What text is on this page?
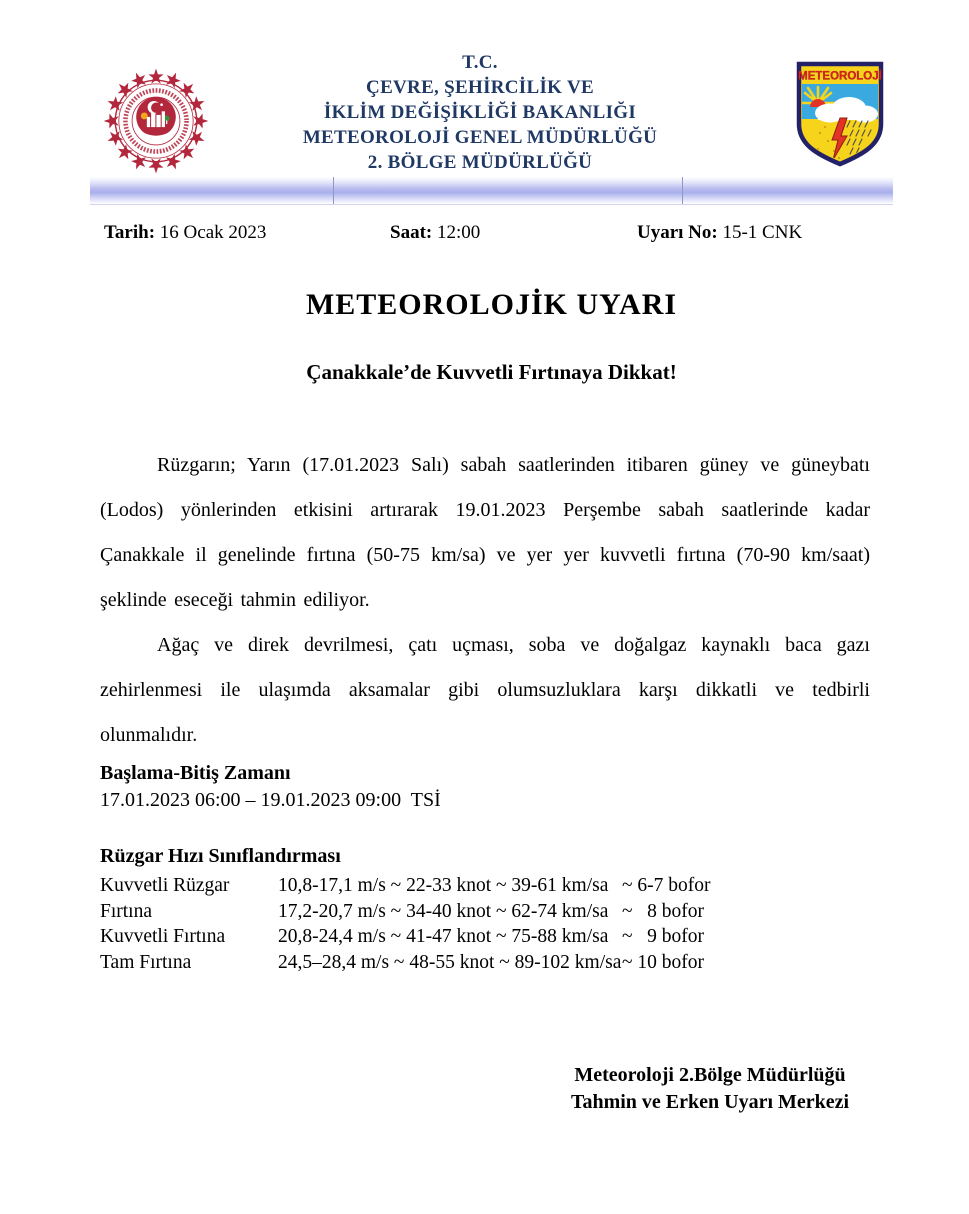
T.C.
ÇEVRE, ŞEHİRCİLİK VE
İKLİM DEĞİŞİKLİĞİ BAKANLIĞI
METEOROLOJİ GENEL MÜDÜRLÜĞÜ
2. BÖLGE MÜDÜRLÜĞÜ
METEOROLOJİ
Tarih: 16 Ocak 2023	Saat: 12:00	Uyarı No: 15-1 CNK
METEOROLOJİK UYARI
Çanakkale’de Kuvvetli Fırtınaya Dikkat!

Rüzgarın; Yarın (17.01.2023 Salı) sabah saatlerinden itibaren güney ve güneybatı (Lodos) yönlerinden etkisini artırarak 19.01.2023 Perşembe sabah saatlerinde kadar Çanakkale il genelinde fırtına (50-75 km/sa) ve yer yer kuvvetli fırtına (70-90 km/saat) şeklinde eseceği tahmin ediliyor.

Ağaç ve direk devrilmesi, çatı uçması, soba ve doğalgaz kaynaklı baca gazı zehirlenmesi ile ulaşımda aksamalar gibi olumsuzluklara karşı dikkatli ve tedbirli olunmalıdır.

Başlama-Bitiş Zamanı
17.01.2023 06:00 – 19.01.2023 09:00  TSİ
Rüzgar Hızı Sınıflandırması
Kuvvetli Rüzgar	10,8-17,1 m/s ~ 22-33 knot ~ 39-61 km/sa ~ 6-7 bofor
Fırtına	17,2-20,7 m/s ~ 34-40 knot ~ 62-74 km/sa ~   8 bofor
Kuvvetli Fırtına	20,8-24,4 m/s ~ 41-47 knot ~ 75-88 km/sa ~   9 bofor
Tam Fırtına	24,5–28,4 m/s ~ 48-55 knot ~ 89-102 km/sa ~ 10 bofor
Meteoroloji 2.Bölge Müdürlüğü
Tahmin ve Erken Uyarı Merkezi
